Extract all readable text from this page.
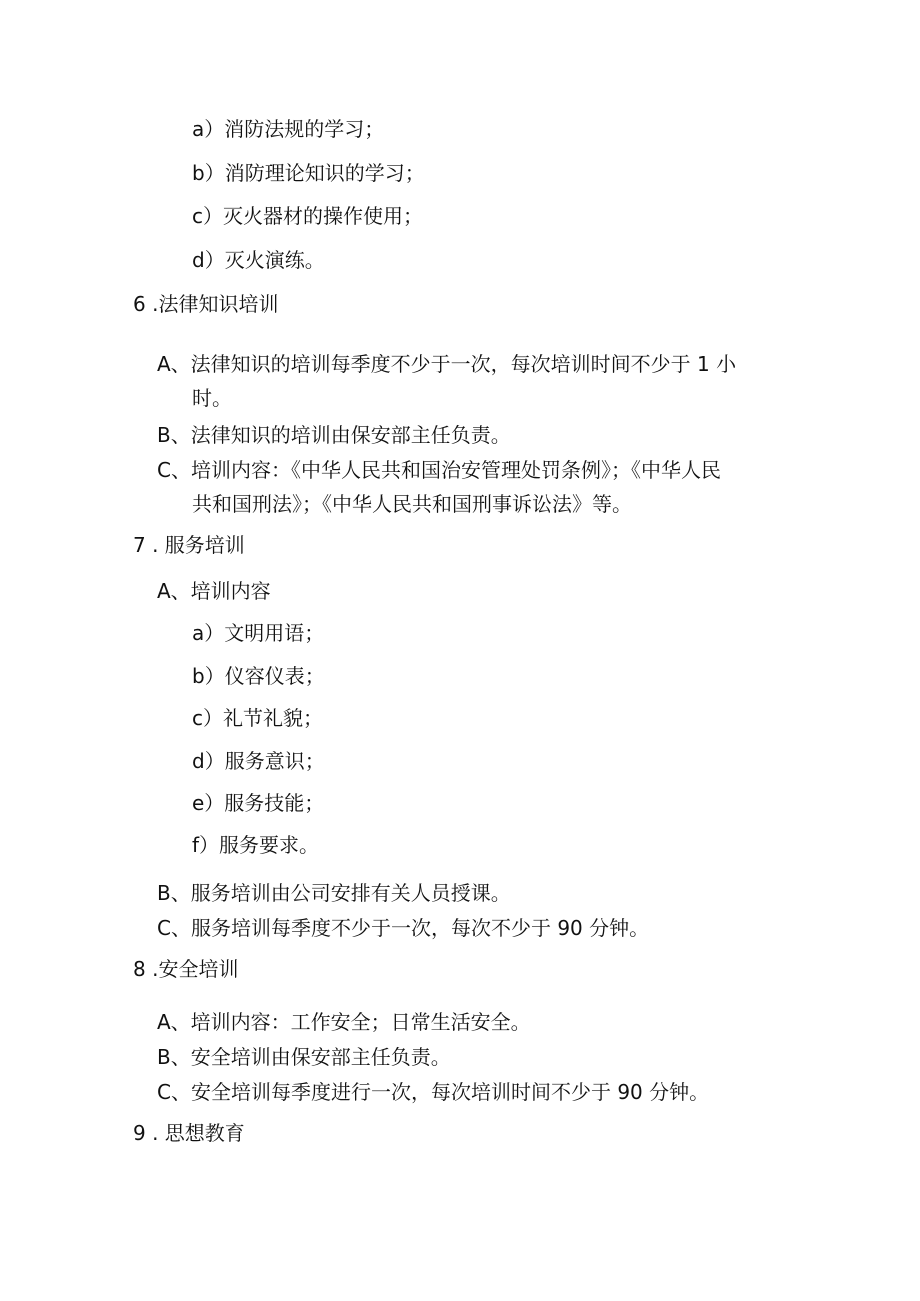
a）消防法规的学习；
b）消防理论知识的学习；
c）灭火器材的操作使用；
d）灭火演练。
6 .法律知识培训
A、法律知识的培训每季度不少于一次，每次培训时间不少于 1 小
时。
B、法律知识的培训由保安部主任负责。
C、培训内容：《中华人民共和国治安管理处罚条例》；《中华人民
共和国刑法》；《中华人民共和国刑事诉讼法》等。
7 . 服务培训
A、培训内容
a）文明用语；
b）仪容仪表；
c）礼节礼貌；
d）服务意识；
e）服务技能；
f）服务要求。
B、服务培训由公司安排有关人员授课。
C、服务培训每季度不少于一次，每次不少于 90 分钟。
8 .安全培训
A、培训内容：工作安全；日常生活安全。
B、安全培训由保安部主任负责。
C、安全培训每季度进行一次，每次培训时间不少于 90 分钟。
9 . 思想教育
